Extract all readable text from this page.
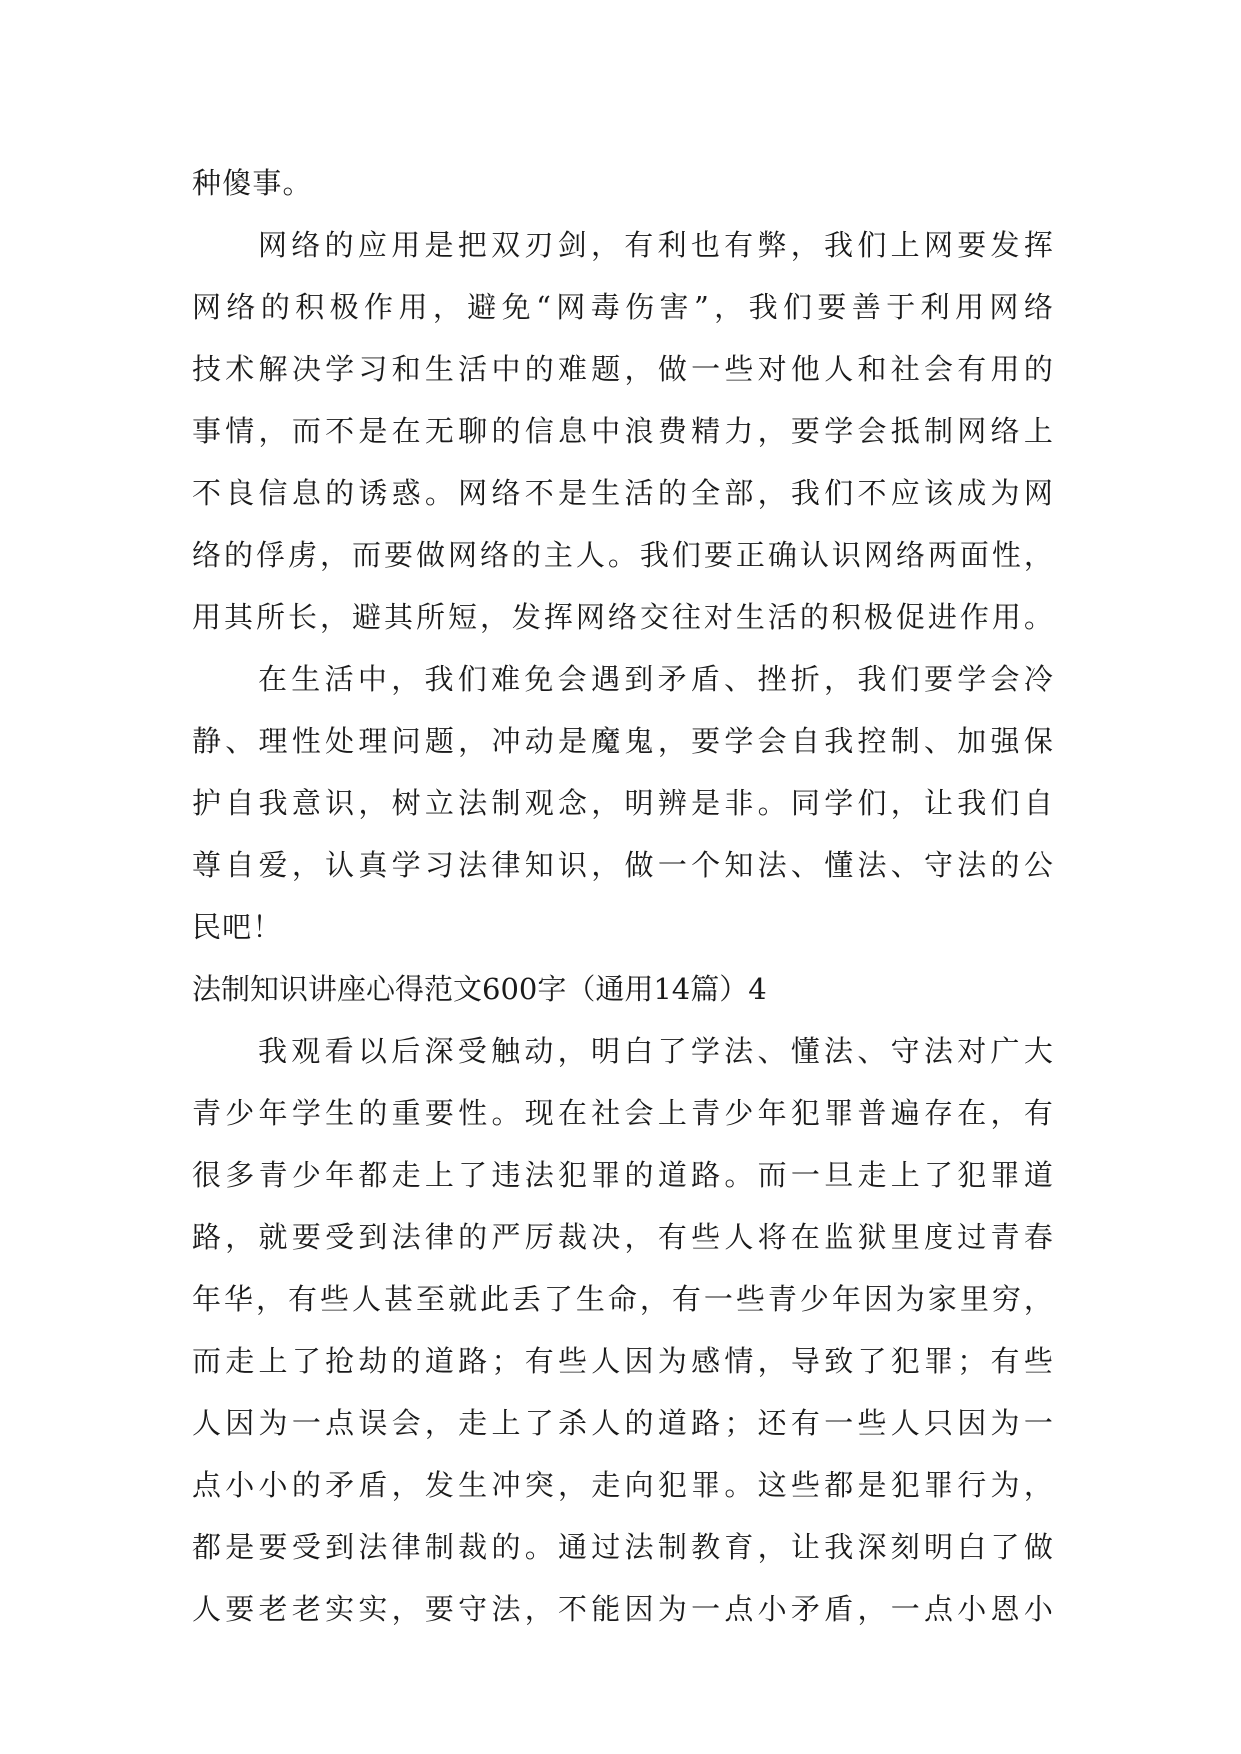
种傻事。
网络的应用是把双刃剑，有利也有弊，我们上网要发挥
网络的积极作用，避免“网毒伤害”，我们要善于利用网络
技术解决学习和生活中的难题，做一些对他人和社会有用的
事情，而不是在无聊的信息中浪费精力，要学会抵制网络上
不良信息的诱惑。网络不是生活的全部，我们不应该成为网
络的俘虏，而要做网络的主人。我们要正确认识网络两面性，
用其所长，避其所短，发挥网络交往对生活的积极促进作用。
在生活中，我们难免会遇到矛盾、挫折，我们要学会冷
静、理性处理问题，冲动是魔鬼，要学会自我控制、加强保
护自我意识，树立法制观念，明辨是非。同学们，让我们自
尊自爱，认真学习法律知识，做一个知法、懂法、守法的公
民吧！
法制知识讲座心得范文600字（通用14篇）4
我观看以后深受触动，明白了学法、懂法、守法对广大
青少年学生的重要性。现在社会上青少年犯罪普遍存在，有
很多青少年都走上了违法犯罪的道路。而一旦走上了犯罪道
路，就要受到法律的严厉裁决，有些人将在监狱里度过青春
年华，有些人甚至就此丢了生命，有一些青少年因为家里穷，
而走上了抢劫的道路；有些人因为感情，导致了犯罪；有些
人因为一点误会，走上了杀人的道路；还有一些人只因为一
点小小的矛盾，发生冲突，走向犯罪。这些都是犯罪行为，
都是要受到法律制裁的。通过法制教育，让我深刻明白了做
人要老老实实，要守法，不能因为一点小矛盾，一点小恩小
